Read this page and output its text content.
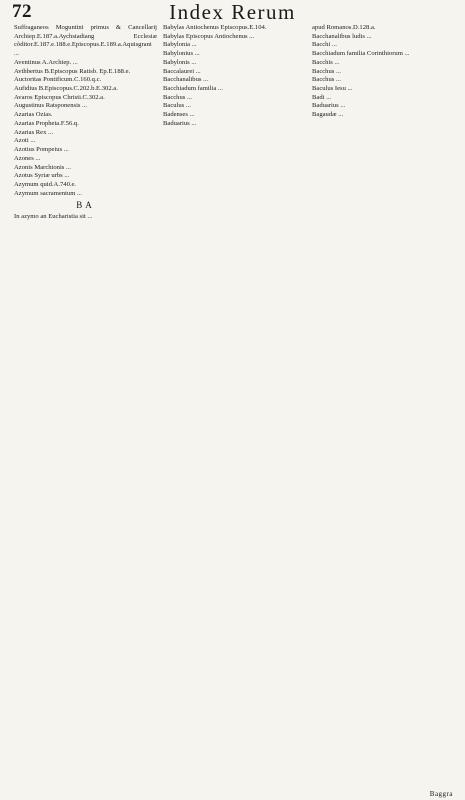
72	Index Rerum

Suffraganeos Moguntini primus & Cancellarij Archiep.E.187.a.Aychstadiang Ecclesiæ cõditor.E.187.e.188.e.Episcopus.E.189.a.Aquisgrani ...

Aventinus A.Archiep. ...

Avthbertus B.Episcopus Ratisb. Ep.E.188.e.

Auctoritas Pontificum.C.160.q.c.

Aufidius B.Episcopus.C.202.b.E.302.a.

Avaros Episcopus Christi.C.302.a.

Augustinus Ratsponensis ...

Azarias Ozias.

Azarias Propheta.F.56.q.

Azarias Rex ...

Azoti ...

Azotius Pompeius ...

Azones ...

Azonis Marchionis ...

Azotus Syriæ urbs ...

Azymum quid.A.740.e.

Azymum sacramentum ...

BA

In azymo an Eucharistia sit ...

Babylas Antiochenus Episcopus.E.104.

Babylas Episcopus Antiochenus ...

Babylonia ...

Babylonius ...

Babylonis ...

Baccalaurei ...

Bacchanalibus ...

Bacchiadum familia ...

Bacchus ...

Baculus ...

Badenses ...

Baduarius ...

apud Romanos.D.128.a.

Bacchanalibus ludis ...

Bacchi ...

Bacchiadum familia Corinthiorum ...

Bacchis ...

Bacchus ...

Bacchus ...

Baculus Iesu ...

Badi ...

Baduarius ...

Bagaudæ ...

Baggra
